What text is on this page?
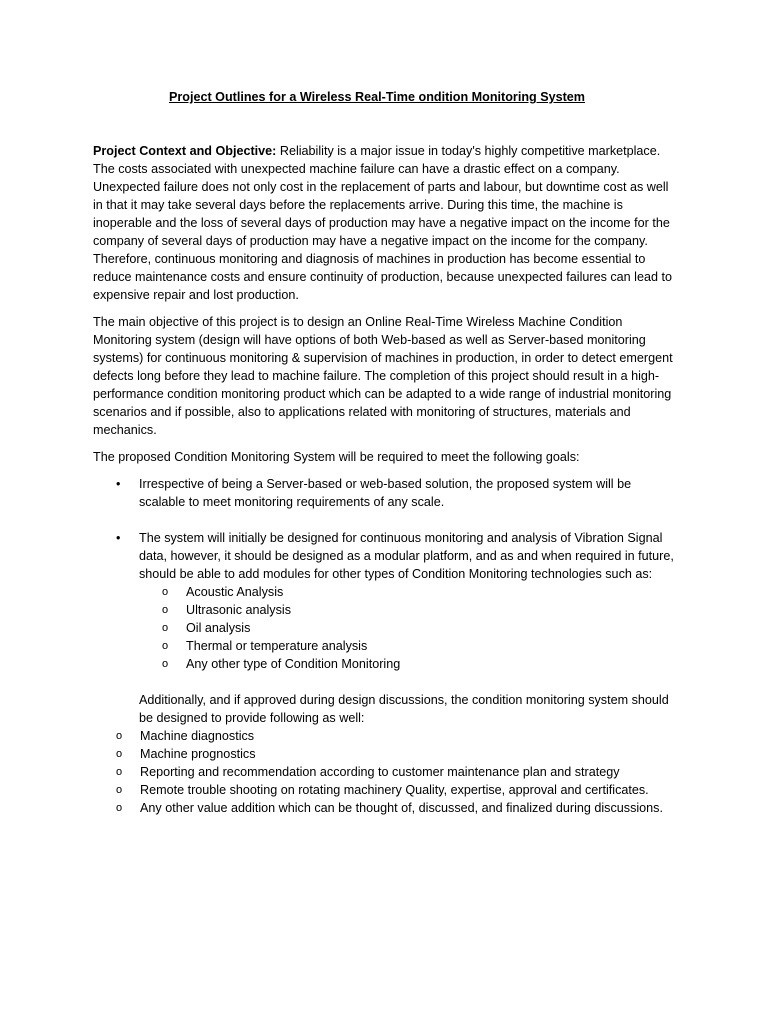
Project Outlines for a Wireless Real-Time ondition Monitoring System

Project Context and Objective: Reliability is a major issue in today's highly competitive marketplace. The costs associated with unexpected machine failure can have a drastic effect on a company. Unexpected failure does not only cost in the replacement of parts and labour, but downtime cost as well in that it may take several days before the replacements arrive. During this time, the machine is inoperable and the loss of several days of production may have a negative impact on the income for the company of several days of production may have a negative impact on the income for the company. Therefore, continuous monitoring and diagnosis of machines in production has become essential to reduce maintenance costs and ensure continuity of production, because unexpected failures can lead to expensive repair and lost production.

The main objective of this project is to design an Online Real-Time Wireless Machine Condition Monitoring system (design will have options of both Web-based as well as Server-based monitoring systems) for continuous monitoring & supervision of machines in production, in order to detect emergent defects long before they lead to machine failure. The completion of this project should result in a high-performance condition monitoring product which can be adapted to a wide range of industrial monitoring scenarios and if possible, also to applications related with monitoring of structures, materials and mechanics.

The proposed Condition Monitoring System will be required to meet the following goals:

• Irrespective of being a Server-based or web-based solution, the proposed system will be scalable to meet monitoring requirements of any scale.
• The system will initially be designed for continuous monitoring and analysis of Vibration Signal data, however, it should be designed as a modular platform, and as and when required in future, should be able to add modules for other types of Condition Monitoring technologies such as:
o Acoustic Analysis
o Ultrasonic analysis
o Oil analysis
o Thermal or temperature analysis
o Any other type of Condition Monitoring
Additionally, and if approved during design discussions, the condition monitoring system should be designed to provide following as well:
o Machine diagnostics
o Machine prognostics
o Reporting and recommendation according to customer maintenance plan and strategy
o Remote trouble shooting on rotating machinery Quality, expertise, approval and certificates.
o Any other value addition which can be thought of, discussed, and finalized during discussions.
